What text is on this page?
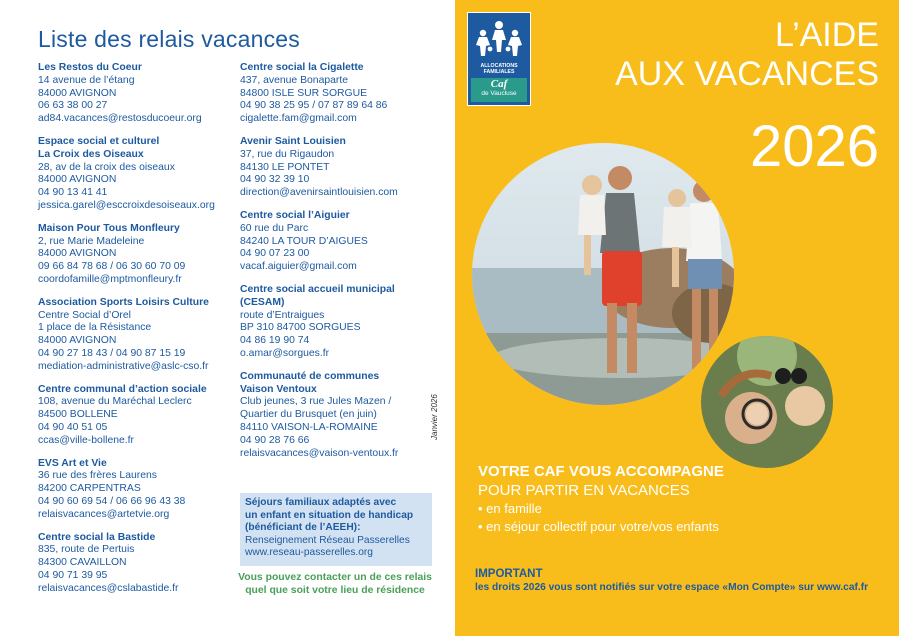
Liste des relais vacances
Les Restos du Coeur
14 avenue de l’étang
84000 AVIGNON
06 63 38 00 27
ad84.vacances@restosducoeur.org
Espace social et culturel
La Croix des Oiseaux
28, av de la croix des oiseaux
84000 AVIGNON
04 90 13 41 41
jessica.garel@esccroixdesoiseaux.org
Maison Pour Tous Monfleury
2, rue Marie Madeleine
84000 AVIGNON
09 66 84 78 68 / 06 30 60 70 09
coordofamille@mptmonfleury.fr
Association Sports Loisirs Culture
Centre Social d’Orel
1 place de la Résistance
84000 AVIGNON
04 90 27 18 43 / 04 90 87 15 19
mediation-administrative@aslc-cso.fr
Centre communal d’action sociale
108, avenue du Maréchal Leclerc
84500 BOLLENE
04 90 40 51 05
ccas@ville-bollene.fr
EVS Art et Vie
36 rue des frères Laurens
84200 CARPENTRAS
04 90 60 69 54 / 06 66 96 43 38
relaisvacances@artetvie.org
Centre social la Bastide
835, route de Pertuis
84300 CAVAILLON
04 90 71 39 95
relaisvacances@cslabastide.fr
Centre social la Cigalette
437, avenue Bonaparte
84800 ISLE SUR SORGUE
04 90 38 25 95 / 07 87 89 64 86
cigalette.fam@gmail.com
Avenir Saint Louisien
37, rue du Rigaudon
84130 LE PONTET
04 90 32 39 10
direction@avenirsaintlouisien.com
Centre social l’Aiguier
60 rue du Parc
84240 LA TOUR D’AIGUES
04 90 07 23 00
vacaf.aiguier@gmail.com
Centre social accueil municipal
(CESAM)
route d’Entraigues
BP 310 84700 SORGUES
04 86 19 90 74
o.amar@sorgues.fr
Communauté de communes
Vaison Ventoux
Club jeunes, 3 rue Jules Mazen /
Quartier du Brusquet (en juin)
84110 VAISON-LA-ROMAINE
04 90 28 76 66
relaisvacances@vaison-ventoux.fr
Séjours familiaux adaptés avec
un enfant en situation de handicap
(bénéficiant de l’AEEH):
Renseignement Réseau Passerelles
www.reseau-passerelles.org
Vous pouvez contacter un de ces relais
quel que soit votre lieu de résidence
Janvier 2026
ALLOCATIONS
FAMILIALES
Caf
de Vaucluse
L’AIDE
AUX VACANCES
2026
VOTRE CAF VOUS ACCOMPAGNE
POUR PARTIR EN VACANCES
• en famille
• en séjour collectif pour votre/vos enfants
IMPORTANT
les droits 2026 vous sont notifiés sur votre espace «Mon Compte» sur www.caf.fr
